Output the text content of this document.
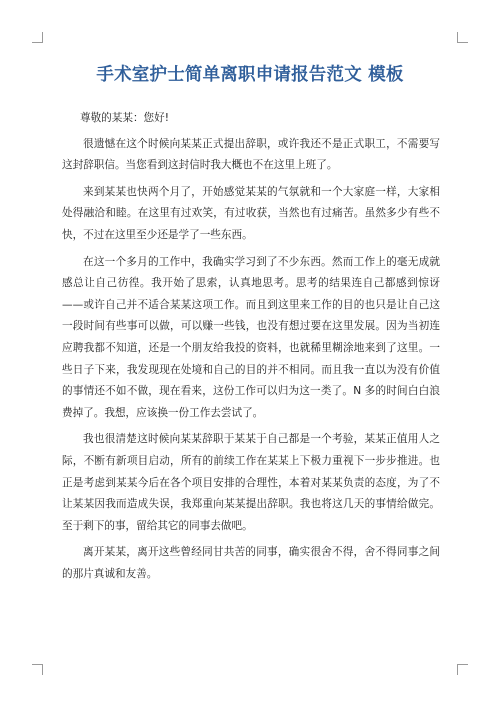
手术室护士简单离职申请报告范文 模板

尊敬的某某：您好!

很遗憾在这个时候向某某正式提出辞职，或许我还不是正式职工，不需要写这封辞职信。当您看到这封信时我大概也不在这里上班了。

来到某某也快两个月了，开始感觉某某的气氛就和一个大家庭一样，大家相处得融洽和睦。在这里有过欢笑，有过收获，当然也有过痛苦。虽然多少有些不快，不过在这里至少还是学了一些东西。

在这一个多月的工作中，我确实学习到了不少东西。然而工作上的毫无成就感总让自己彷徨。我开始了思索，认真地思考。思考的结果连自己都感到惊讶——或许自己并不适合某某这项工作。而且到这里来工作的目的也只是让自己这一段时间有些事可以做，可以赚一些钱，也没有想过要在这里发展。因为当初连应聘我都不知道，还是一个朋友给我投的资料，也就稀里糊涂地来到了这里。一些日子下来，我发现现在处境和自己的目的并不相同。而且我一直以为没有价值的事情还不如不做，现在看来，这份工作可以归为这一类了。N 多的时间白白浪费掉了。我想，应该换一份工作去尝试了。

我也很清楚这时候向某某辞职于某某于自己都是一个考验，某某正值用人之际，不断有新项目启动，所有的前续工作在某某上下极力重视下一步步推进。也正是考虑到某某今后在各个项目安排的合理性，本着对某某负责的态度，为了不让某某因我而造成失误，我郑重向某某提出辞职。我也将这几天的事情给做完。至于剩下的事，留给其它的同事去做吧。

离开某某，离开这些曾经同甘共苦的同事，确实很舍不得，舍不得同事之间的那片真诚和友善。
